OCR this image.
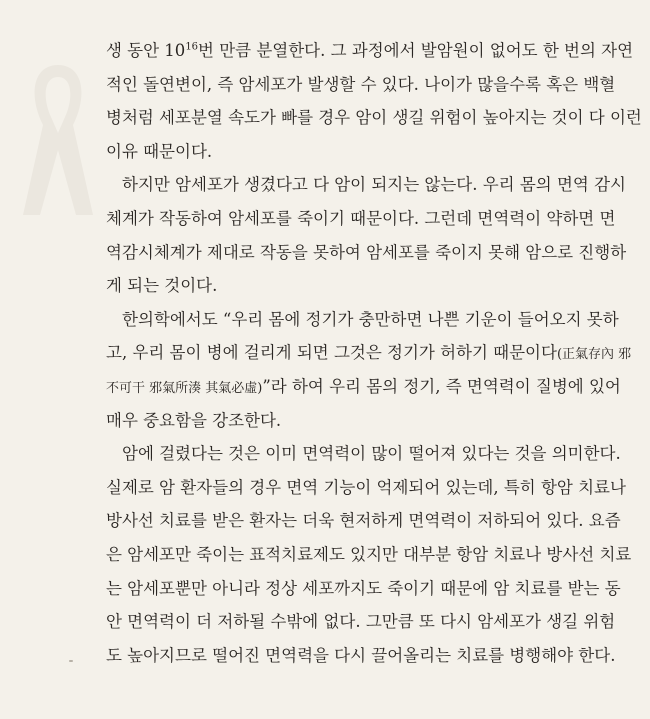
생 동안 $10^{16}$번 만큼 분열한다. 그 과정에서 발암원이 없어도 한 번의 자연
적인 돌연변이, 즉 암세포가 발생할 수 있다. 나이가 많을수록 혹은 백혈
병처럼 세포분열 속도가 빠를 경우 암이 생길 위험이 높아지는 것이 다 이런
이유 때문이다.
하지만 암세포가 생겼다고 다 암이 되지는 않는다. 우리 몸의 면역 감시
체계가 작동하여 암세포를 죽이기 때문이다. 그런데 면역력이 약하면 면
역감시체계가 제대로 작동을 못하여 암세포를 죽이지 못해 암으로 진행하
게 되는 것이다.
한의학에서도 “우리 몸에 정기가 충만하면 나쁜 기운이 들어오지 못하
고, 우리 몸이 병에 걸리게 되면 그것은 정기가 허하기 때문이다(正氣存內 邪
不可干 邪氣所湊 其氣必虛)”라 하여 우리 몸의 정기, 즉 면역력이 질병에 있어
매우 중요함을 강조한다.
암에 걸렸다는 것은 이미 면역력이 많이 떨어져 있다는 것을 의미한다.
실제로 암 환자들의 경우 면역 기능이 억제되어 있는데, 특히 항암 치료나
방사선 치료를 받은 환자는 더욱 현저하게 면역력이 저하되어 있다. 요즘
은 암세포만 죽이는 표적치료제도 있지만 대부분 항암 치료나 방사선 치료
는 암세포뿐만 아니라 정상 세포까지도 죽이기 때문에 암 치료를 받는 동
안 면역력이 더 저하될 수밖에 없다. 그만큼 또 다시 암세포가 생길 위험
도 높아지므로 떨어진 면역력을 다시 끌어올리는 치료를 병행해야 한다.
